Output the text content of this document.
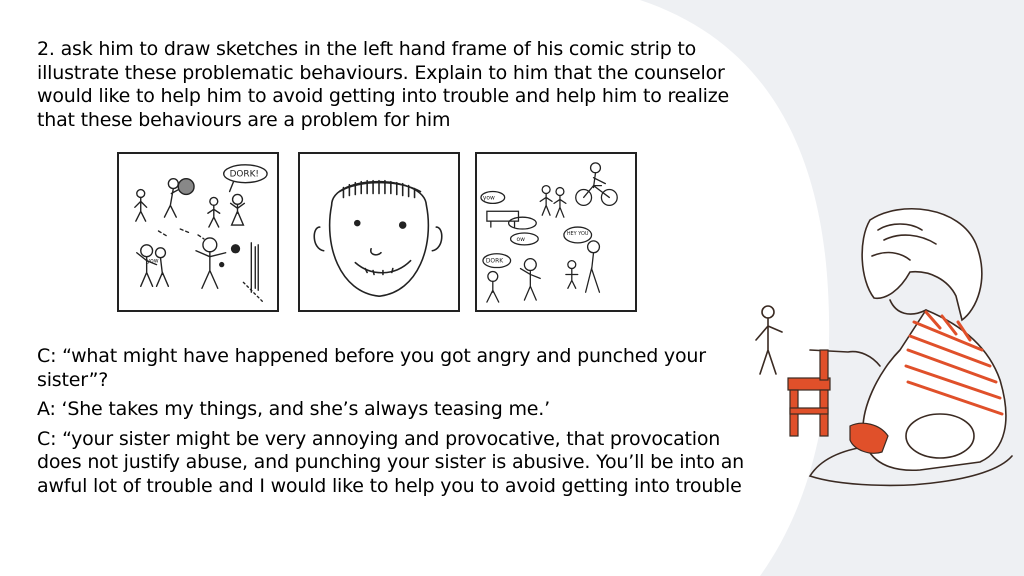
2. ask him to draw sketches in the left hand frame of his comic strip to illustrate these problematic behaviours. Explain to him that the counselor would like to help him to avoid getting into trouble and help him to realize that these behaviours are a problem for him
DORK!
yow
yow
ow
DORK
HEY YOU

C: “what might have happened before you got angry and punched your sister”?

A: ‘She takes my things, and she’s always teasing me.’

C: “your sister might be very annoying and provocative, that provocation does not justify abuse, and punching your sister is abusive. You’ll be into an awful lot of trouble and I would like to help you to avoid getting into trouble
